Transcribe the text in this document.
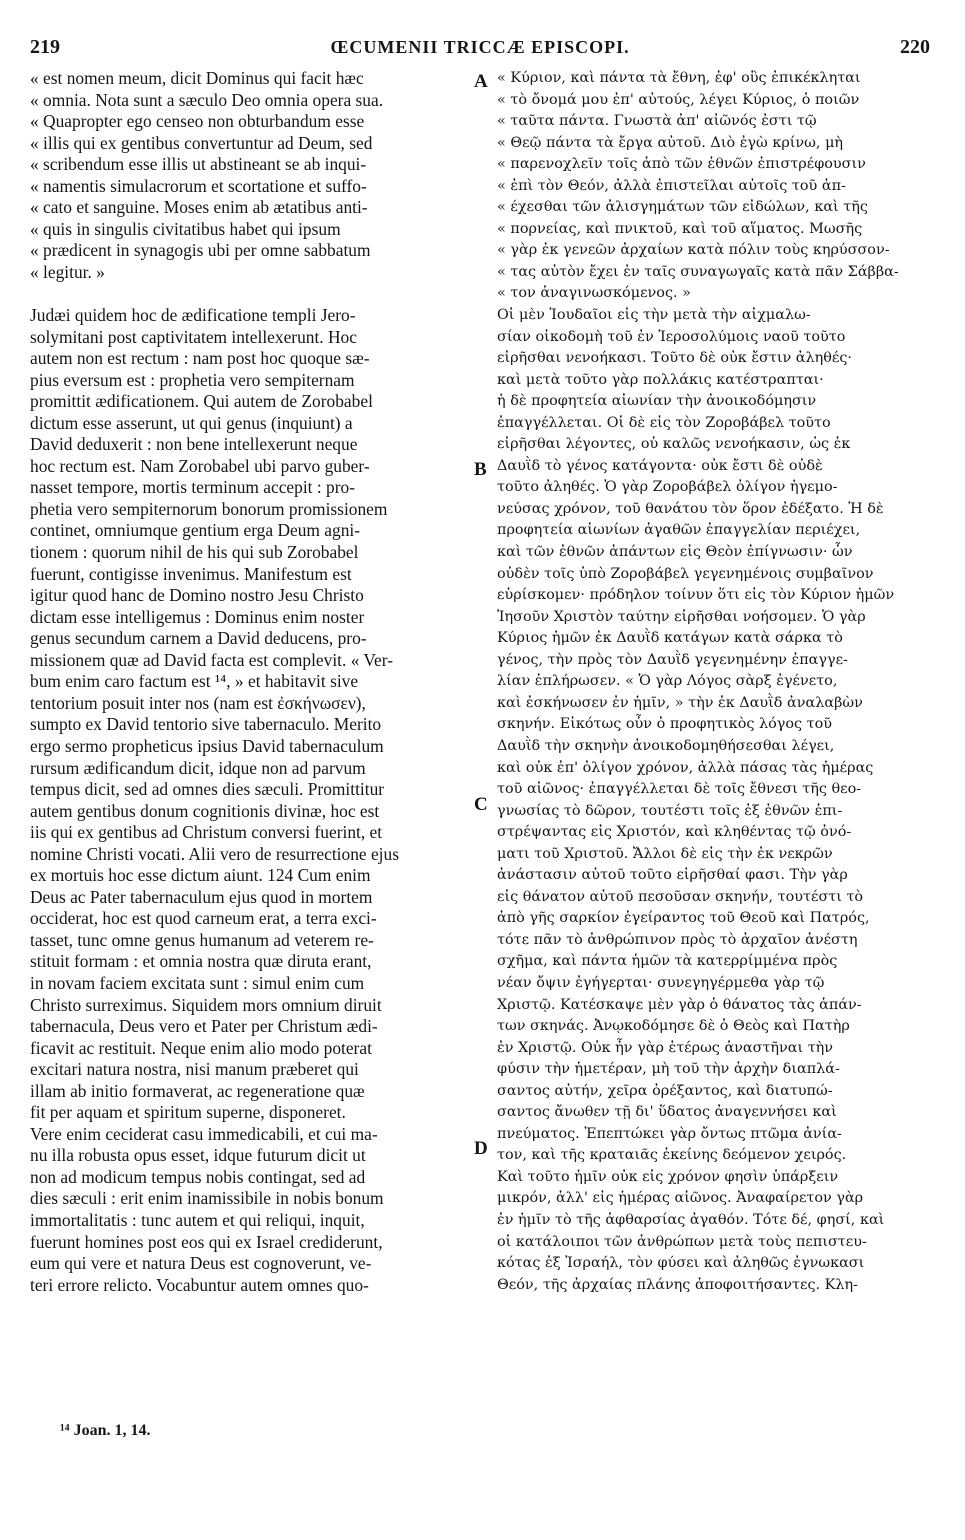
219	ŒCUMENII TRICCÆ EPISCOPI.	220
« est nomen meum, dicit Dominus qui facit hæc
« omnia. Nota sunt a sæculo Deo omnia opera sua.
« Quapropter ego censeo non obturbandum esse
« illis qui ex gentibus convertuntur ad Deum, sed
« scribendum esse illis ut abstineant se ab inqui-
« namentis simulacrorum et scortatione et suffo-
« cato et sanguine. Moses enim ab ætatibus anti-
« quis in singulis civitatibus habet qui ipsum
« prædicent in synagogis ubi per omne sabbatum
« legitur. »
Judæi quidem hoc de ædificatione templi Jero-
solymitani post captivitatem intellexerunt. Hoc
autem non est rectum : nam post hoc quoque sæ-
pius eversum est : prophetia vero sempiternam
promittit ædificationem. Qui autem de Zorobabel
dictum esse asserunt, ut qui genus (inquiunt) a
David deduxerit : non bene intellexerunt neque
hoc rectum est. Nam Zorobabel ubi parvo guber-
nasset tempore, mortis terminum accepit : pro-
phetia vero sempiternorum bonorum promissionem
continet, omniumque gentium erga Deum agni-
tionem : quorum nihil de his qui sub Zorobabel
fuerunt, contigisse invenimus. Manifestum est
igitur quod hanc de Domino nostro Jesu Christo
dictam esse intelligemus : Dominus enim noster
genus secundum carnem a David deducens, pro-
missionem quæ ad David facta est complevit. « Ver-
bum enim caro factum est ¹⁴, » et habitavit sive
tentorium posuit inter nos (nam est ἐσκήνωσεν),
sumpto ex David tentorio sive tabernaculo. Merito
ergo sermo propheticus ipsius David tabernaculum
rursum ædificandum dicit, idque non ad parvum
tempus dicit, sed ad omnes dies sæculi. Promittitur
autem gentibus donum cognitionis divinæ, hoc est
iis qui ex gentibus ad Christum conversi fuerint, et
nomine Christi vocati. Alii vero de resurrectione ejus
ex mortuis hoc esse dictum aiunt. 124 Cum enim
Deus ac Pater tabernaculum ejus quod in mortem
occiderat, hoc est quod carneum erat, a terra exci-
tasset, tunc omne genus humanum ad veterem re-
stituit formam : et omnia nostra quæ diruta erant,
in novam faciem excitata sunt : simul enim cum
Christo surreximus. Siquidem mors omnium diruit
tabernacula, Deus vero et Pater per Christum ædi-
ficavit ac restituit. Neque enim alio modo poterat
excitari natura nostra, nisi manum præberet qui
illam ab initio formaverat, ac regeneratione quæ
fit per aquam et spiritum superne, disponeret.
Vere enim ceciderat casu immedicabili, et cui ma-
nu illa robusta opus esset, idque futurum dicit ut
non ad modicum tempus nobis contingat, sed ad
dies sæculi : erit enim inamissibile in nobis bonum
immortalitatis : tunc autem et qui reliqui, inquit,
fuerunt homines post eos qui ex Israel crediderunt,
eum qui vere et natura Deus est cognoverunt, ve-
teri errore relicto. Vocabuntur autem omnes quo-
« Κύριον, καὶ πάντα τὰ ἔθνη, ἐφ' οὓς ἐπικέκληται
« τὸ ὄνομά μου ἐπ' αὐτούς, λέγει Κύριος, ὁ ποιῶν
« ταῦτα πάντα. Γνωστὰ ἀπ' αἰῶνός ἐστι τῷ
« Θεῷ πάντα τὰ ἔργα αὐτοῦ. Διὸ ἐγὼ κρίνω, μὴ
« παρενοχλεῖν τοῖς ἀπὸ τῶν ἐθνῶν ἐπιστρέφουσιν
« ἐπὶ τὸν Θεόν, ἀλλὰ ἐπιστεῖλαι αὐτοῖς τοῦ ἀπ-
« έχεσθαι τῶν ἀλισγημάτων τῶν εἰδώλων, καὶ τῆς
« πορνείας, καὶ πνικτοῦ, καὶ τοῦ αἵματος. Μωσῆς
« γὰρ ἐκ γενεῶν ἀρχαίων κατὰ πόλιν τοὺς κηρύσσον-
« τας αὐτὸν ἔχει ἐν ταῖς συναγωγαῖς κατὰ πᾶν Σάββα-
« τον ἀναγινωσκόμενος. »
Οἱ μὲν Ἰουδαῖοι εἰς τὴν μετὰ τὴν αἰχμαλω-
σίαν οἰκοδομὴ τοῦ ἐν Ἱεροσολύμοις ναοῦ τοῦτο
εἰρῆσθαι νενοήκασι. Τοῦτο δὲ οὐκ ἔστιν ἀληθές·
καὶ μετὰ τοῦτο γὰρ πολλάκις κατέστραπται·
ἡ δὲ προφητεία αἰωνίαν τὴν ἀνοικοδόμησιν
ἐπαγγέλλεται. Οἱ δὲ εἰς τὸν Ζοροβάβελ τοῦτο
εἰρῆσθαι λέγοντες, οὐ καλῶς νενοήκασιν, ὡς ἐκ
Δαυῒδ τὸ γένος κατάγοντα· οὐκ ἔστι δὲ οὐδὲ
τοῦτο ἀληθές. Ὁ γὰρ Ζοροβάβελ ὀλίγον ἡγεμο-
νεύσας χρόνον, τοῦ θανάτου τὸν ὅρον ἐδέξατο. Ἡ δὲ
προφητεία αἰωνίων ἀγαθῶν ἐπαγγελίαν περιέχει,
καὶ τῶν ἐθνῶν ἁπάντων εἰς Θεὸν ἐπίγνωσιν· ὧν
οὐδὲν τοῖς ὑπὸ Ζοροβάβελ γεγενημένοις συμβαῖνον
εὑρίσκομεν· πρόδηλον τοίνυν ὅτι εἰς τὸν Κύριον ἡμῶν
Ἰησοῦν Χριστὸν ταύτην εἰρῆσθαι νοήσομεν. Ὁ γὰρ
Κύριος ἡμῶν ἐκ Δαυῒδ κατάγων κατὰ σάρκα τὸ
γένος, τὴν πρὸς τὸν Δαυῒδ γεγενημένην ἐπαγγε-
λίαν ἐπλήρωσεν. « Ὁ γὰρ Λόγος σὰρξ ἐγένετο,
καὶ ἐσκήνωσεν ἐν ἡμῖν, » τὴν ἐκ Δαυῒδ ἀναλαβὼν
σκηνήν. Εἰκότως οὖν ὁ προφητικὸς λόγος τοῦ
Δαυῒδ τὴν σκηνὴν ἀνοικοδομηθήσεσθαι λέγει,
καὶ οὐκ ἐπ' ὀλίγον χρόνον, ἀλλὰ πάσας τὰς ἡμέρας
τοῦ αἰῶνος· ἐπαγγέλλεται δὲ τοῖς ἔθνεσι τῆς θεο-
γνωσίας τὸ δῶρον, τουτέστι τοῖς ἐξ ἐθνῶν ἐπι-
στρέψαντας εἰς Χριστόν, καὶ κληθέντας τῷ ὀνό-
ματι τοῦ Χριστοῦ. Ἄλλοι δὲ εἰς τὴν ἐκ νεκρῶν
ἀνάστασιν αὐτοῦ τοῦτο εἰρῆσθαί φασι. Τὴν γὰρ
εἰς θάνατον αὐτοῦ πεσοῦσαν σκηνήν, τουτέστι τὸ
ἀπὸ γῆς σαρκίον ἐγείραντος τοῦ Θεοῦ καὶ Πατρός,
τότε πᾶν τὸ ἀνθρώπινον πρὸς τὸ ἀρχαῖον ἀνέστη
σχῆμα, καὶ πάντα ἡμῶν τὰ κατερρίμμένα πρὸς
νέαν ὄψιν ἐγήγερται· συνεγηγέρμεθα γὰρ τῷ
Χριστῷ. Κατέσκαψε μὲν γὰρ ὁ θάνατος τὰς ἁπάν-
των σκηνάς. Ἀνῳκοδόμησε δὲ ὁ Θεὸς καὶ Πατὴρ
ἐν Χριστῷ. Οὐκ ἦν γὰρ ἑτέρως ἀναστῆναι τὴν
φύσιν τὴν ἡμετέραν, μὴ τοῦ τὴν ἀρχὴν διαπλά-
σαντος αὐτήν, χεῖρα ὀρέξαντος, καὶ διατυπώ-
σαντος ἄνωθεν τῇ δι' ὕδατος ἀναγεννήσει καὶ
πνεύματος. Ἐπεπτώκει γὰρ ὄντως πτῶμα ἀνία-
τον, καὶ τῆς κραταιᾶς ἐκείνης δεόμενον χειρός.
Καὶ τοῦτο ἡμῖν οὐκ εἰς χρόνον φησὶν ὑπάρξειν
μικρόν, ἀλλ' εἰς ἡμέρας αἰῶνος. Ἀναφαίρετον γὰρ
ἐν ἡμῖν τὸ τῆς ἀφθαρσίας ἀγαθόν. Τότε δέ, φησί, καὶ
οἱ κατάλοιποι τῶν ἀνθρώπων μετὰ τοὺς πεπιστευ-
κότας ἐξ Ἰσραήλ, τὸν φύσει καὶ ἀληθῶς ἐγνωκασι
Θεόν, τῆς ἀρχαίας πλάνης ἀποφοιτήσαντες. Κλη-
A
B
C
D
¹⁴ Joan. 1, 14.
